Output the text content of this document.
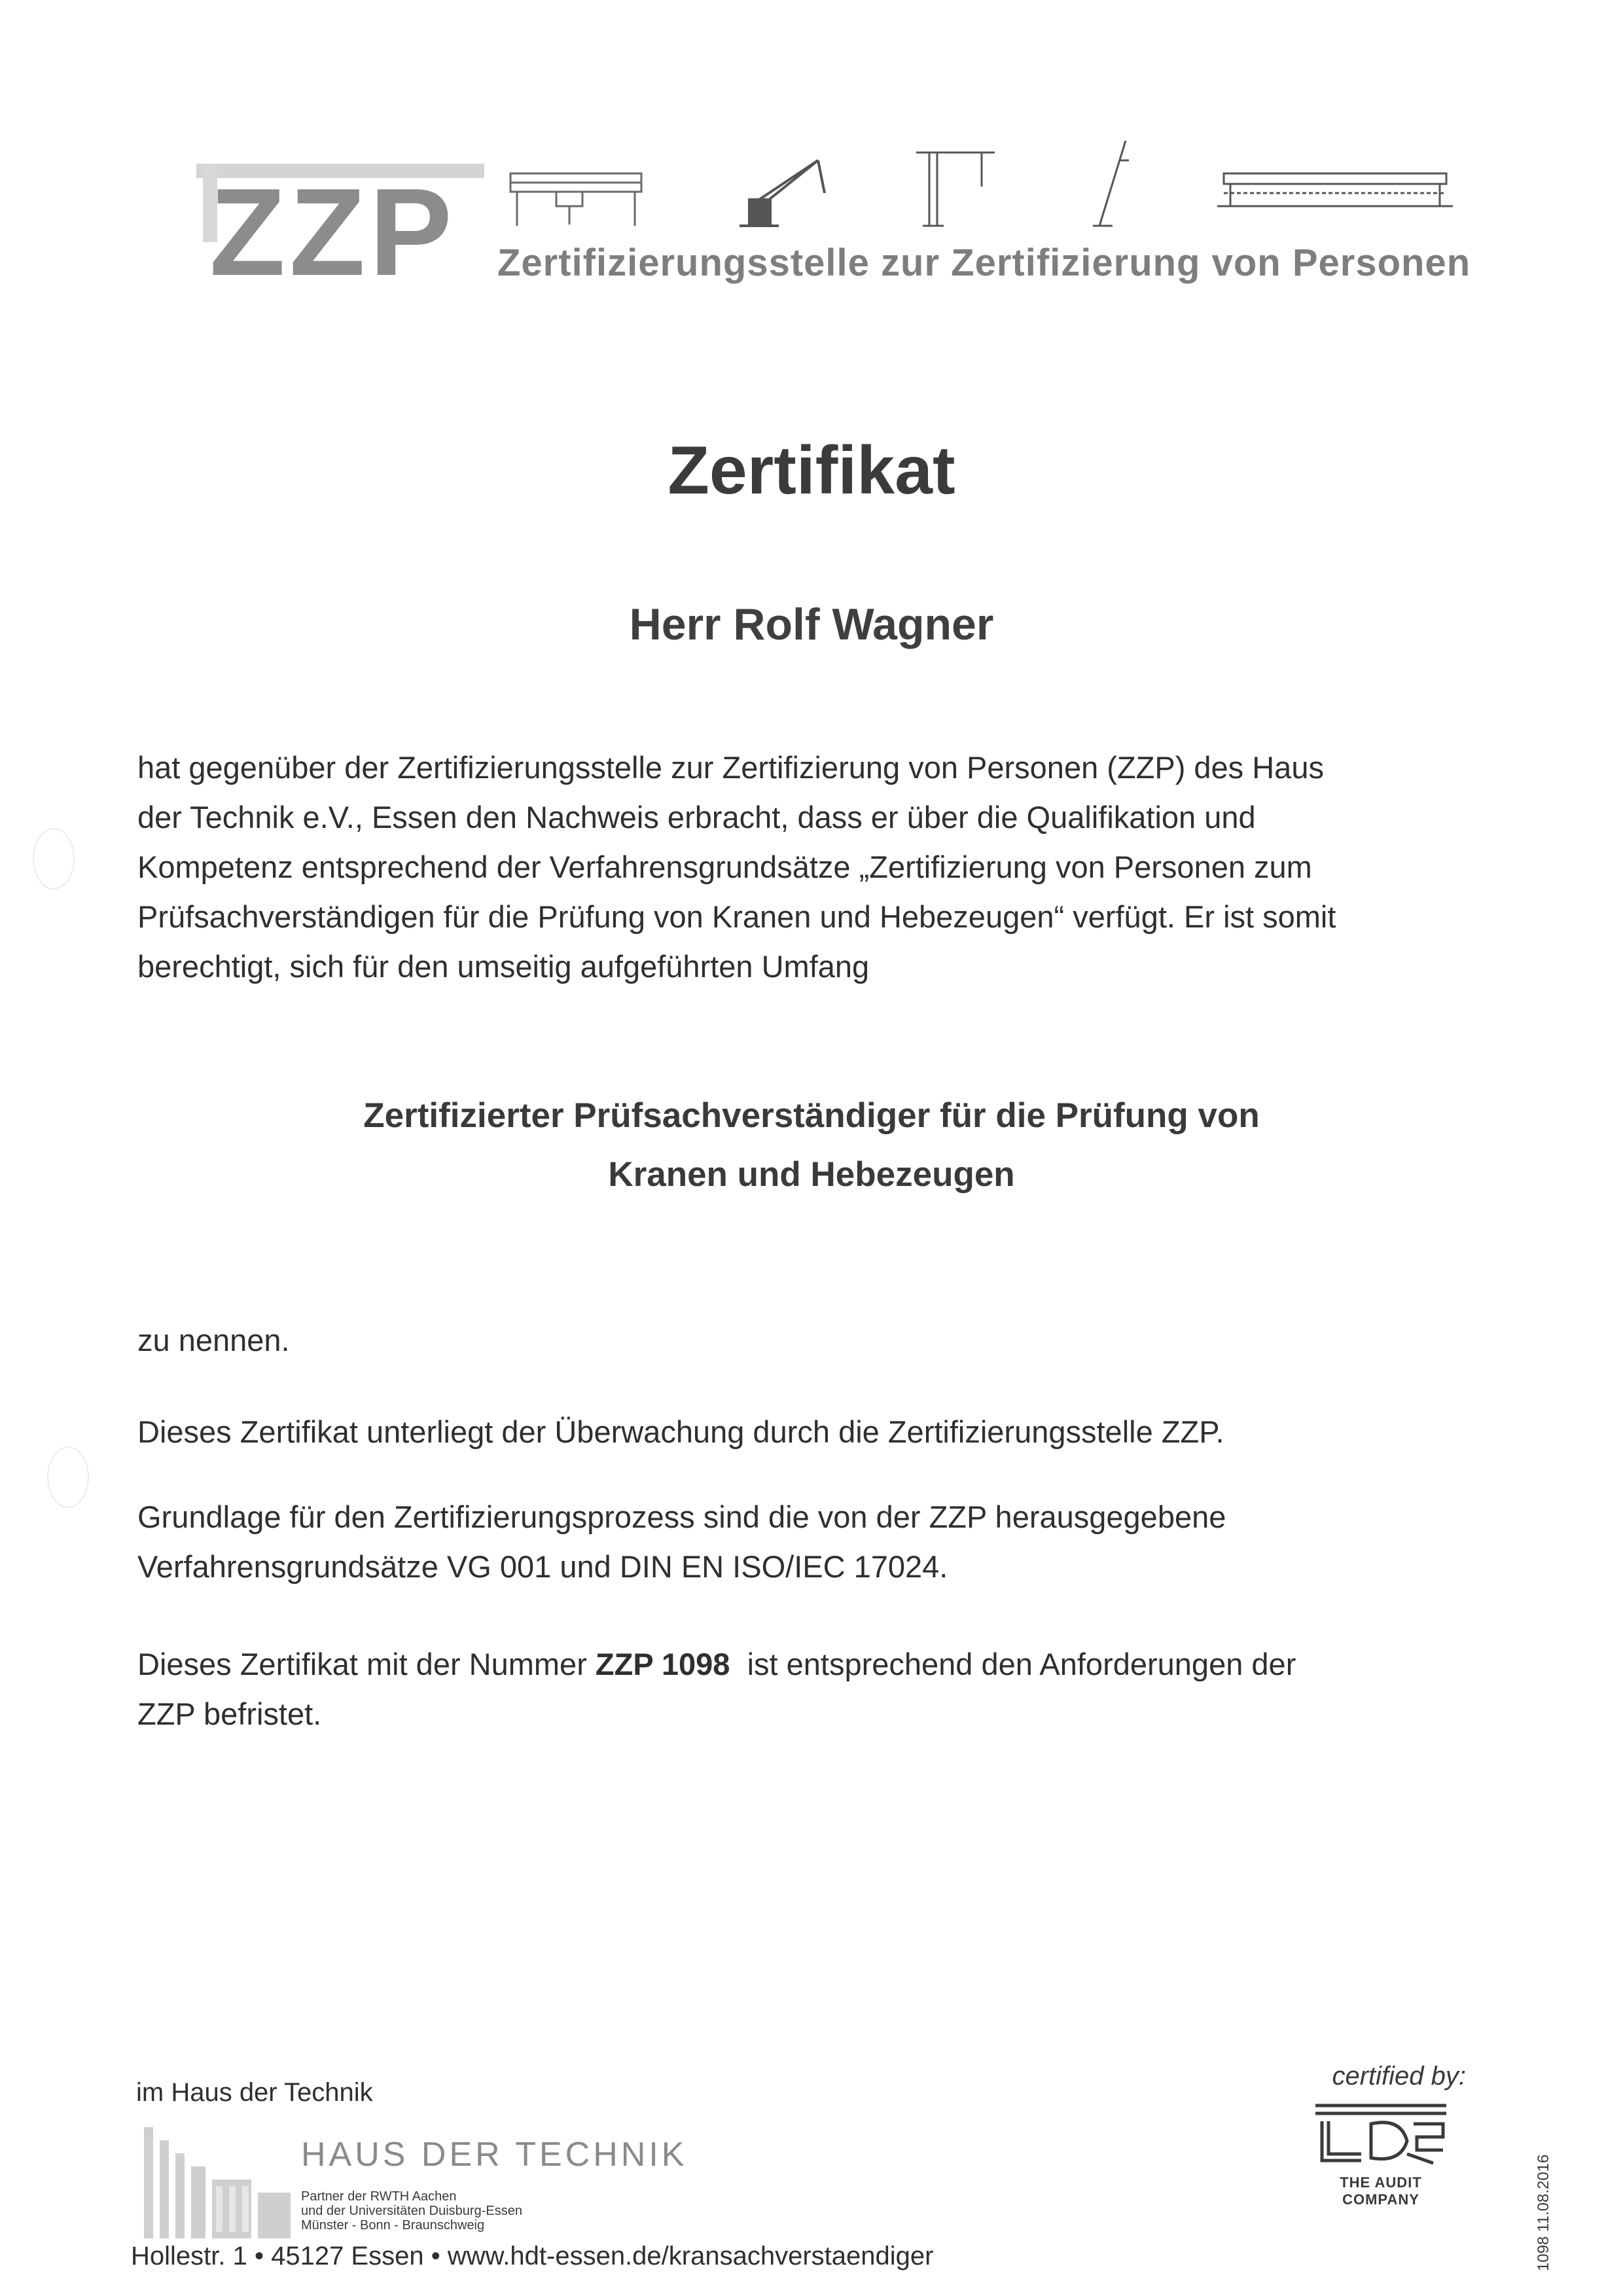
ZZP Zertifizierungsstelle zur Zertifizierung von Personen
Zertifikat
Herr Rolf Wagner
hat gegenüber der Zertifizierungsstelle zur Zertifizierung von Personen (ZZP) des Haus
der Technik e.V., Essen den Nachweis erbracht, dass er über die Qualifikation und
Kompetenz entsprechend der Verfahrensgrundsätze „Zertifizierung von Personen zum
Prüfsachverständigen für die Prüfung von Kranen und Hebezeugen“ verfügt. Er ist somit
berechtigt, sich für den umseitig aufgeführten Umfang
Zertifizierter Prüfsachverständiger für die Prüfung von
Kranen und Hebezeugen
zu nennen.
Dieses Zertifikat unterliegt der Überwachung durch die Zertifizierungsstelle ZZP.
Grundlage für den Zertifizierungsprozess sind die von der ZZP herausgegebene
Verfahrensgrundsätze VG 001 und DIN EN ISO/IEC 17024.
Dieses Zertifikat mit der Nummer ZZP 1098  ist entsprechend den Anforderungen der
ZZP befristet.
im Haus der Technik
HAUS DER TECHNIK
Partner der RWTH Aachen
und der Universitäten Duisburg-Essen
Münster - Bonn - Braunschweig
Hollestr. 1 • 45127 Essen • www.hdt-essen.de/kransachverstaendiger
certified by:
THE AUDIT COMPANY	1098 11.08.2016
